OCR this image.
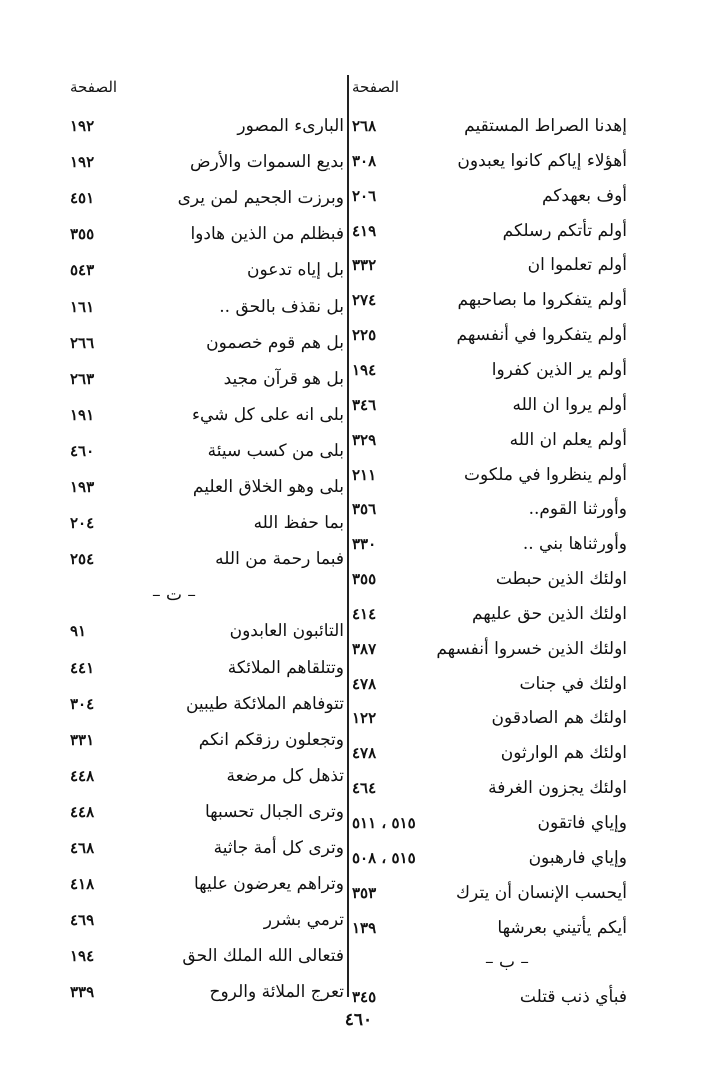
الصفحة
إهدنا الصراط المستقيم
٢٦٨
أهؤلاء إياكم كانوا يعبدون
٣٠٨
أوف بعهدكم
٢٠٦
أولم تأتكم رسلكم
٤١٩
أولم تعلموا ان
٣٣٢
أولم يتفكروا ما بصاحبهم
٢٧٤
أولم يتفكروا في أنفسهم
٢٢٥
أولم ير الذين كفروا
١٩٤
أولم يروا ان الله
٣٤٦
أولم يعلم ان الله
٣٢٩
أولم ينظروا في ملكوت
٢١١
وأورثنا القوم..
٣٥٦
وأورثناها بني ..
٣٣٠
اولئك الذين حبطت
٣٥٥
اولئك الذين حق عليهم
٤١٤
اولئك الذين خسروا أنفسهم
٣٨٧
اولئك في جنات
٤٧٨
اولئك هم الصادقون
١٢٢
اولئك هم الوارثون
٤٧٨
اولئك يجزون الغرفة
٤٦٤
وإياي فاتقون
٥١٥ ، ٥١١
وإياي فارهبون
٥١٥ ، ٥٠٨
أيحسب الإنسان أن يترك
٣٥٣
أيكم يأتيني بعرشها
١٣٩
– ب –
فبأي ذنب قتلت
٣٤٥
الصفحة
البارىء المصور
١٩٢
بديع السموات والأرض
١٩٢
وبرزت الجحيم لمن يرى
٤٥١
فبظلم من الذين هادوا
٣٥٥
بل إياه تدعون
٥٤٣
بل نقذف بالحق ..
١٦١
بل هم قوم خصمون
٢٦٦
بل هو قرآن مجيد
٢٦٣
بلى انه على كل شيء
١٩١
بلى من كسب سيئة
٤٦٠
بلى وهو الخلاق العليم
١٩٣
بما حفظ الله
٢٠٤
فبما رحمة من الله
٢٥٤
– ت –
التائبون العابدون
٩١
وتتلقاهم الملائكة
٤٤١
تتوفاهم الملائكة طيبين
٣٠٤
وتجعلون رزقكم انكم
٣٣١
تذهل كل مرضعة
٤٤٨
وترى الجبال تحسبها
٤٤٨
وترى كل أمة جاثية
٤٦٨
وتراهم يعرضون عليها
٤١٨
ترمي بشرر
٤٦٩
فتعالى الله الملك الحق
١٩٤
تعرج الملائة والروح
٣٣٩
٤٦٠
